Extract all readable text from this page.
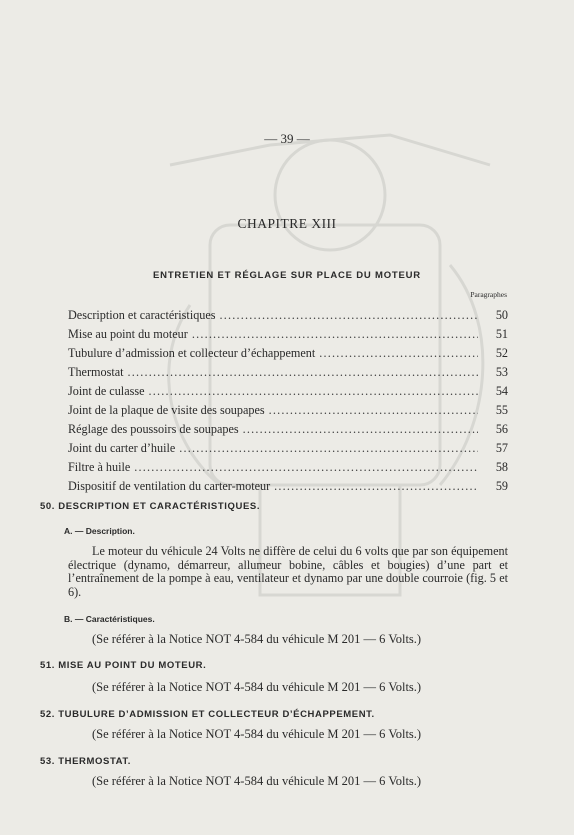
— 39 —
CHAPITRE XIII
ENTRETIEN ET RÉGLAGE SUR PLACE DU MOTEUR
Paragraphes
Description et caractéristiques .....	50
Mise au point du moteur .....	51
Tubulure d’admission et collecteur d’échappement .....	52
Thermostat .....	53
Joint de culasse .....	54
Joint de la plaque de visite des soupapes .....	55
Réglage des poussoirs de soupapes .....	56
Joint du carter d’huile .....	57
Filtre à huile .....	58
Dispositif de ventilation du carter-moteur .....	59
50. DESCRIPTION ET CARACTÉRISTIQUES.
A. — Description.

Le moteur du véhicule 24 Volts ne diffère de celui du 6 volts que par son équipement électrique (dynamo, démarreur, allumeur bobine, câbles et bougies) d’une part et l’entraînement de la pompe à eau, ventilateur et dynamo par une double courroie (fig. 5 et 6).

B. — Caractéristiques.
(Se référer à la Notice NOT 4-584 du véhicule M 201 — 6 Volts.)
51. MISE AU POINT DU MOTEUR.
(Se référer à la Notice NOT 4-584 du véhicule M 201 — 6 Volts.)
52. TUBULURE D’ADMISSION ET COLLECTEUR D’ÉCHAPPEMENT.
(Se référer à la Notice NOT 4-584 du véhicule M 201 — 6 Volts.)
53. THERMOSTAT.
(Se référer à la Notice NOT 4-584 du véhicule M 201 — 6 Volts.)
